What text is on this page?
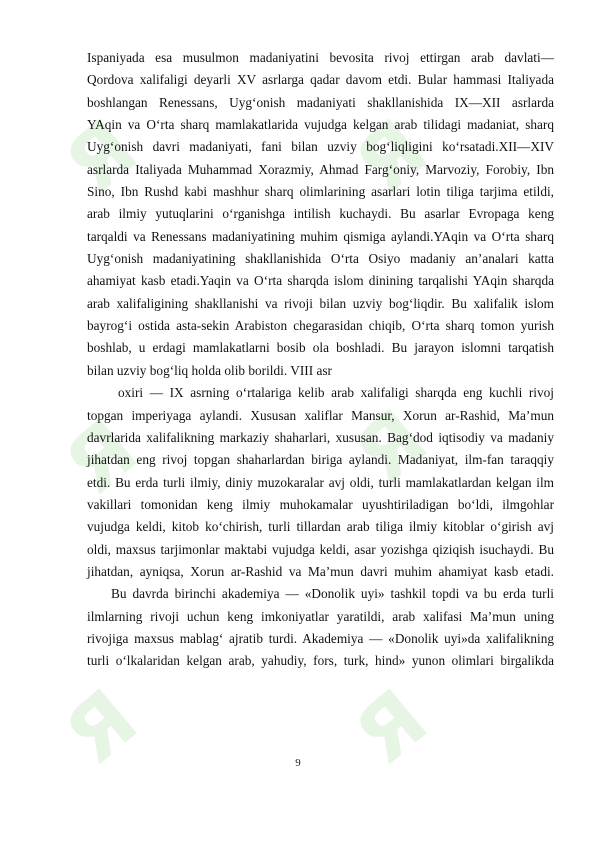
Я Я
Я Я
Я Я
Ispaniyada esa musulmon madaniyatini bevosita rivoj ettirgan arab davlati—
Qordova xalifaligi deyarli XV asrlarga qadar davom etdi. Bular hammasi Italiyada
boshlangan Renessans, Uyg‘onish madaniyati shakllanishida IX—XII asrlarda
YAqin va O‘rta sharq mamlakatlarida vujudga kelgan arab tilidagi madaniat, sharq
Uyg‘onish davri madaniyati, fani bilan uzviy bog‘liqligini ko‘rsatadi.XII—XIV
asrlarda Italiyada Muhammad Xorazmiy, Ahmad Farg‘oniy, Marvoziy, Forobiy, Ibn
Sino, Ibn Rushd kabi mashhur sharq olimlarining asarlari lotin tiliga tarjima etildi,
arab ilmiy yutuqlarini o‘rganishga intilish kuchaydi. Bu asarlar Evropaga keng
tarqaldi va Renessans madaniyatining muhim qismiga aylandi.YAqin va O‘rta sharq
Uyg‘onish madaniyatining shakllanishida O‘rta Osiyo madaniy an’analari katta
ahamiyat kasb etadi.Yaqin va O‘rta sharqda islom dinining tarqalishi YAqin sharqda
arab xalifaligining shakllanishi va rivoji bilan uzviy bog‘liqdir. Bu xalifalik islom
bayrog‘i ostida asta-sekin Arabiston chegarasidan chiqib, O‘rta sharq tomon yurish
boshlab, u erdagi mamlakatlarni bosib ola boshladi. Bu jarayon islomni tarqatish
bilan uzviy bog‘liq holda olib borildi. VIII asr
oxiri — IX asrning o‘rtalariga kelib arab xalifaligi sharqda eng kuchli rivoj
topgan imperiyaga aylandi. Xususan xaliflar Mansur, Xorun ar-Rashid, Ma’mun
davrlarida xalifalikning markaziy shaharlari, xususan. Bag‘dod iqtisodiy va madaniy
jihatdan eng rivoj topgan shaharlardan biriga aylandi. Madaniyat, ilm-fan taraqqiy
etdi. Bu erda turli ilmiy, diniy muzokaralar avj oldi, turli mamlakatlardan kelgan ilm
vakillari tomonidan keng ilmiy muhokamalar uyushtiriladigan bo‘ldi, ilmgohlar
vujudga keldi, kitob ko‘chirish, turli tillardan arab tiliga ilmiy kitoblar o‘girish avj
oldi, maxsus tarjimonlar maktabi vujudga keldi, asar yozishga qiziqish isuchaydi. Bu
jihatdan, ayniqsa, Xorun ar-Rashid va Ma’mun davri muhim ahamiyat kasb etadi.
Bu davrda birinchi akademiya — «Donolik uyi» tashkil topdi va bu erda turli
ilmlarning rivoji uchun keng imkoniyatlar yaratildi, arab xalifasi Ma’mun uning
rivojiga maxsus mablag‘ ajratib turdi. Akademiya — «Donolik uyi»da xalifalikning
turli o‘lkalaridan kelgan arab, yahudiy, fors, turk, hind» yunon olimlari birgalikda
9
